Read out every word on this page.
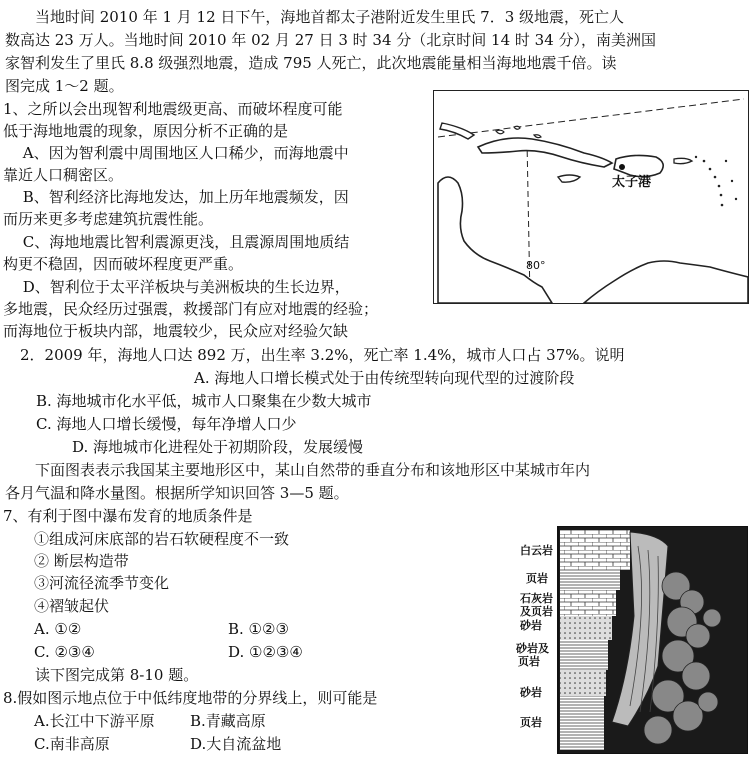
　　当地时间 2010 年 1 月 12 日下午，海地首都太子港附近发生里氏 7．3 级地震，死亡人
数高达 23 万人。当地时间 2010 年 02 月 27 日 3 时 34 分（北京时间 14 时 34 分），南美洲国
家智利发生了里氏 8.8 级强烈地震，造成 795 人死亡，此次地震能量相当海地地震千倍。读
图完成 1～2 题。
1、之所以会出现智利地震级更高、而破坏程度可能
低于海地地震的现象，原因分析不正确的是
　 A、因为智利震中周围地区人口稀少，而海地震中
靠近人口稠密区。
　 B、智利经济比海地发达，加上历年地震频发，因
而历来更多考虑建筑抗震性能。
　 C、海地地震比智利震源更浅，且震源周围地质结
构更不稳固，因而破坏程度更严重。
　 D、智利位于太平洋板块与美洲板块的生长边界，
多地震，民众经历过强震，救援部门有应对地震的经验；
而海地位于板块内部，地震较少，民众应对经验欠缺
太子港
80°
　2．2009 年，海地人口达 892 万，出生率 3.2%，死亡率 1.4%，城市人口占 37%。说明
A. 海地人口增长模式处于由传统型转向现代型的过渡阶段
B. 海地城市化水平低，城市人口聚集在少数大城市
C. 海地人口增长缓慢，每年净增人口少
D. 海地城市化进程处于初期阶段，发展缓慢
　　下面图表表示我国某主要地形区中，某山自然带的垂直分布和该地形区中某城市年内
各月气温和降水量图。根据所学知识回答 3—5 题。
7、有利于图中瀑布发育的地质条件是
①组成河床底部的岩石软硬程度不一致
② 断层构造带
③河流径流季节变化
④褶皱起伏
A. ①②	B. ①②③
C. ②③④	D. ①②③④
　读下图完成第 8-10 题。
8.假如图示地点位于中低纬度地带的分界线上，则可能是
A.长江中下游平原 B.青藏高原
C.南非高原	D.大自流盆地
白云岩
页岩
石灰岩
及页岩
砂岩
砂岩及
页岩
砂岩
页岩
